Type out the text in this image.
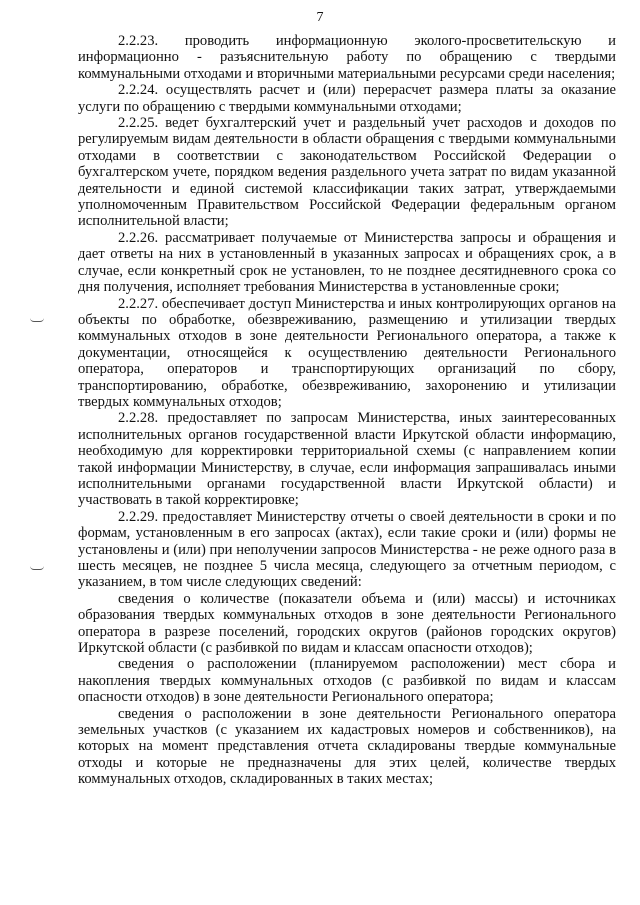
7

2.2.23. проводить информационную эколого-просветительскую и информационно - разъяснительную работу по обращению с твердыми коммунальными отходами и вторичными материальными ресурсами среди населения;

2.2.24. осуществлять расчет и (или) перерасчет размера платы за оказание услуги по обращению с твердыми коммунальными отходами;

2.2.25. ведет бухгалтерский учет и раздельный учет расходов и доходов по регулируемым видам деятельности в области обращения с твердыми коммунальными отходами в соответствии с законодательством Российской Федерации о бухгалтерском учете, порядком ведения раздельного учета затрат по видам указанной деятельности и единой системой классификации таких затрат, утверждаемыми уполномоченным Правительством Российской Федерации федеральным органом исполнительной власти;

2.2.26. рассматривает получаемые от Министерства запросы и обращения и дает ответы на них в установленный в указанных запросах и обращениях срок, а в случае, если конкретный срок не установлен, то не позднее десятидневного срока со дня получения, исполняет требования Министерства в установленные сроки;

2.2.27. обеспечивает доступ Министерства и иных контролирующих органов на объекты по обработке, обезвреживанию, размещению и утилизации твердых коммунальных отходов в зоне деятельности Регионального оператора, а также к документации, относящейся к осуществлению деятельности Регионального оператора, операторов и транспортирующих организаций по сбору, транспортированию, обработке, обезвреживанию, захоронению и утилизации твердых коммунальных отходов;

2.2.28. предоставляет по запросам Министерства, иных заинтересованных исполнительных органов государственной власти Иркутской области информацию, необходимую для корректировки территориальной схемы (с направлением копии такой информации Министерству, в случае, если информация запрашивалась иными исполнительными органами государственной власти Иркутской области) и участвовать в такой корректировке;

2.2.29. предоставляет Министерству отчеты о своей деятельности в сроки и по формам, установленным в его запросах (актах), если такие сроки и (или) формы не установлены и (или) при неполучении запросов Министерства - не реже одного раза в шесть месяцев, не позднее 5 числа месяца, следующего за отчетным периодом, с указанием, в том числе следующих сведений:

сведения о количестве (показатели объема и (или) массы) и источниках образования твердых коммунальных отходов в зоне деятельности Регионального оператора в разрезе поселений, городских округов (районов городских округов) Иркутской области (с разбивкой по видам и классам опасности отходов);

сведения о расположении (планируемом расположении) мест сбора и накопления твердых коммунальных отходов (с разбивкой по видам и классам опасности отходов) в зоне деятельности Регионального оператора;

сведения о расположении в зоне деятельности Регионального оператора земельных участков (с указанием их кадастровых номеров и собственников), на которых на момент представления отчета складированы твердые коммунальные отходы и которые не предназначены для этих целей, количестве твердых коммунальных отходов, складированных в таких местах;
